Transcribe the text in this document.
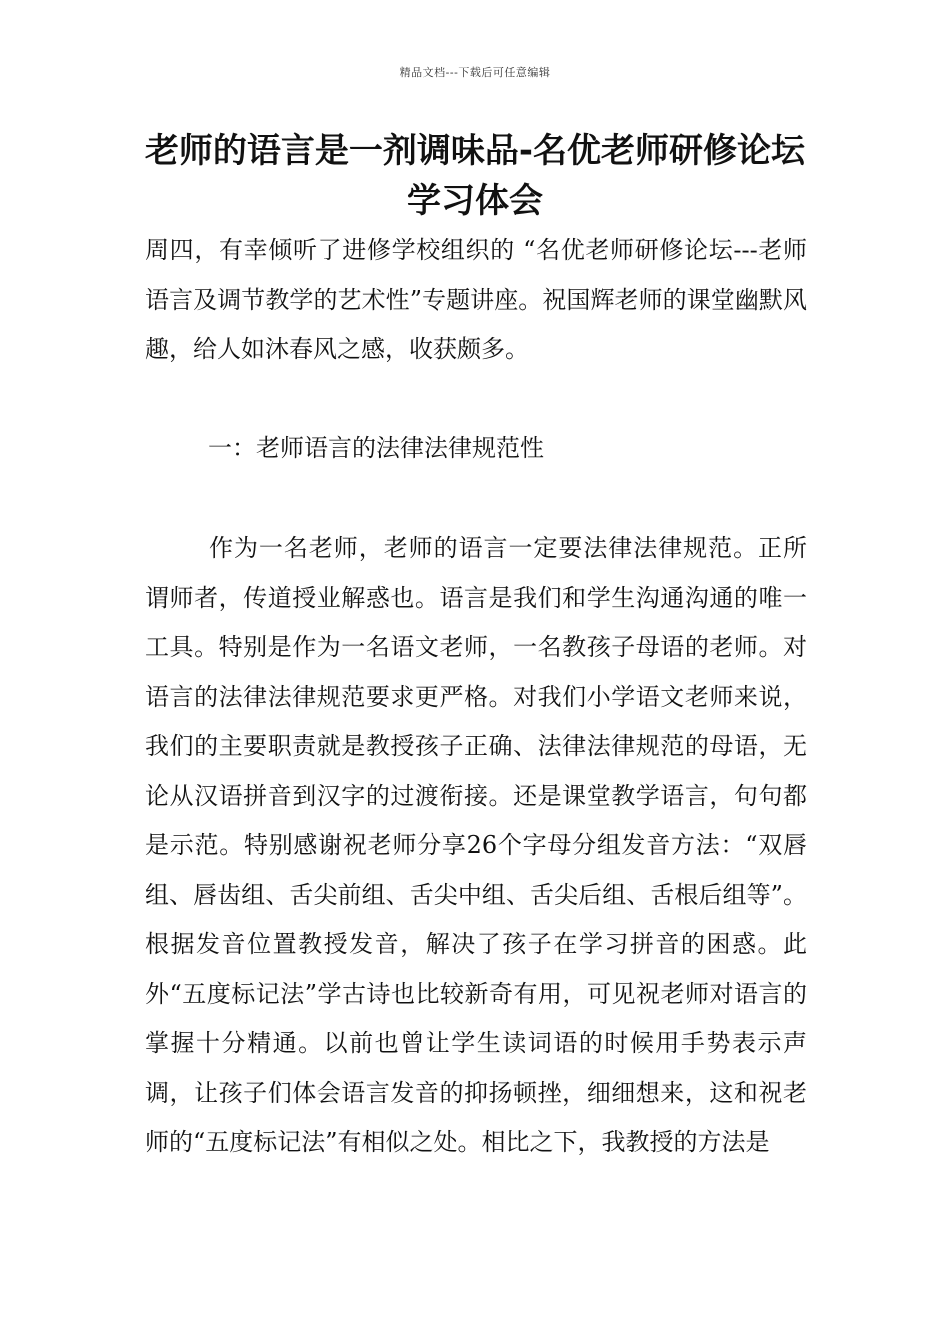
精品文档---下载后可任意编辑
老师的语言是一剂调味品-名优老师研修论坛学习体会

周四，有幸倾听了进修学校组织的 “名优老师研修论坛---老师语言及调节教学的艺术性”专题讲座。祝国辉老师的课堂幽默风趣，给人如沐春风之感，收获颇多。

一：老师语言的法律法律规范性

作为一名老师，老师的语言一定要法律法律规范。正所谓师者，传道授业解惑也。语言是我们和学生沟通沟通的唯一工具。特别是作为一名语文老师，一名教孩子母语的老师。对语言的法律法律规范要求更严格。对我们小学语文老师来说，我们的主要职责就是教授孩子正确、法律法律规范的母语，无论从汉语拼音到汉字的过渡衔接。还是课堂教学语言，句句都是示范。特别感谢祝老师分享26个字母分组发音方法：“双唇组、唇齿组、舌尖前组、舌尖中组、舌尖后组、舌根后组等”。根据发音位置教授发音，解决了孩子在学习拼音的困惑。此外“五度标记法”学古诗也比较新奇有用，可见祝老师对语言的掌握十分精通。以前也曾让学生读词语的时候用手势表示声调，让孩子们体会语言发音的抑扬顿挫，细细想来，这和祝老师的“五度标记法”有相似之处。相比之下，我教授的方法是
